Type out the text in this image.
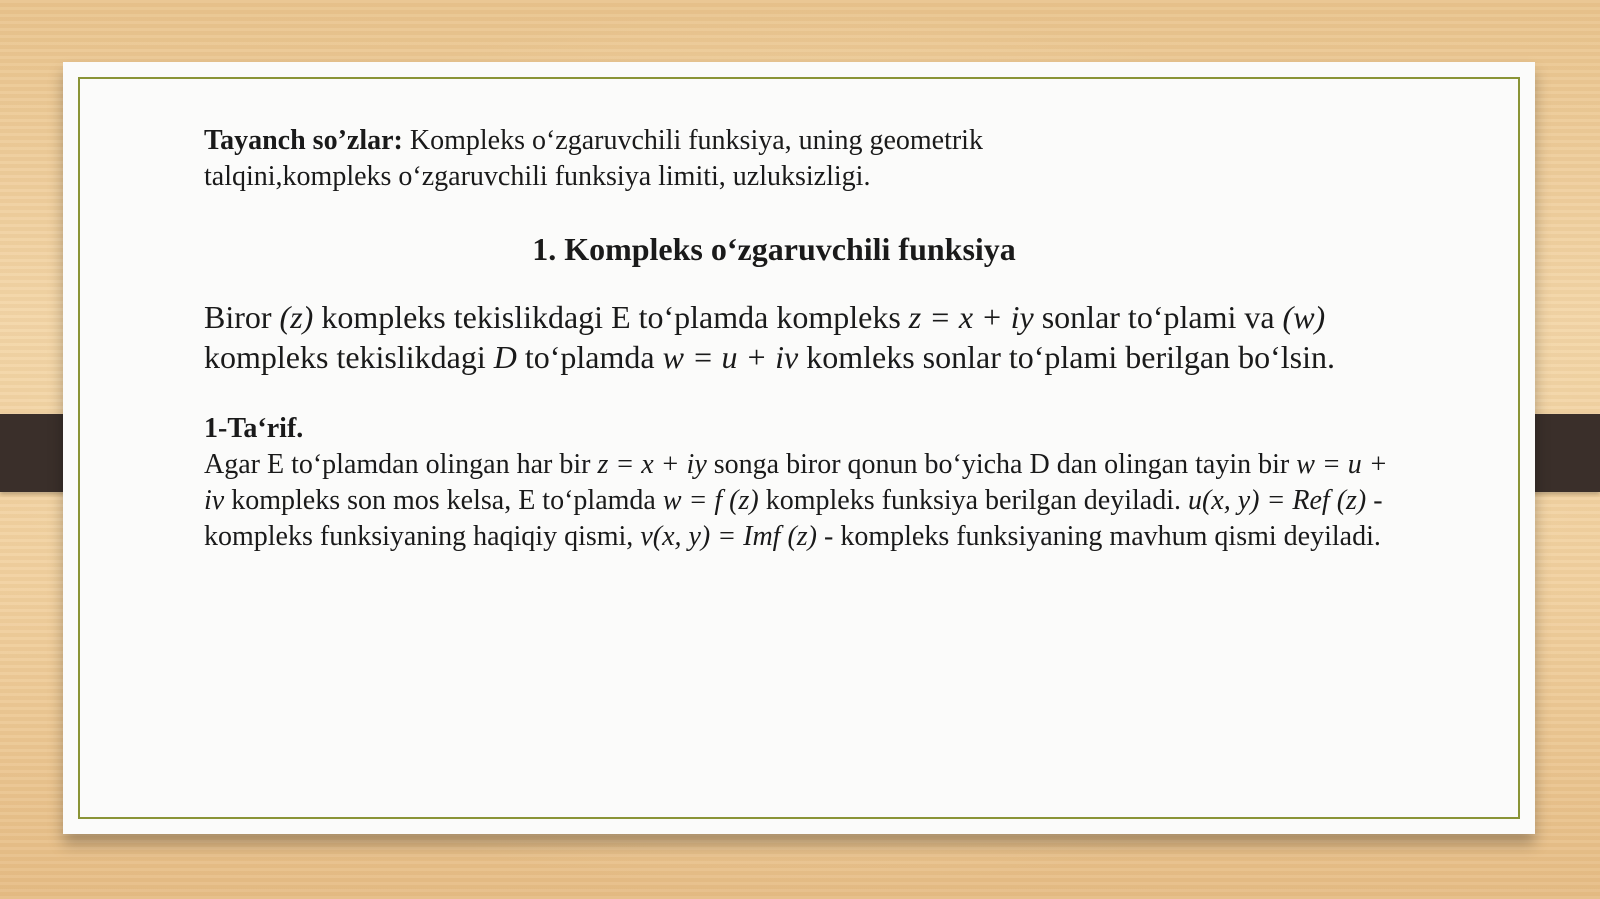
Tayanch so’zlar: Kompleks o‘zgaruvchili funksiya, uning geometrik talqini,kompleks o‘zgaruvchili funksiya limiti, uzluksizligi.

1. Kompleks o‘zgaruvchili funksiya

Biror (z) kompleks tekislikdagi E to‘plamda kompleks z = x + iy sonlar to‘plami va (w) kompleks tekislikdagi D to‘plamda w = u + iv komleks sonlar to‘plami berilgan bo‘lsin.

1-Ta‘rif.

Agar E to‘plamdan olingan har bir z = x + iy songa biror qonun bo‘yicha D dan olingan tayin bir w = u + iv kompleks son mos kelsa, E to‘plamda w = f (z) kompleks funksiya berilgan deyiladi. u(x, y) = Ref (z) - kompleks funksiyaning haqiqiy qismi, v(x, y) = Imf (z) - kompleks funksiyaning mavhum qismi deyiladi.
